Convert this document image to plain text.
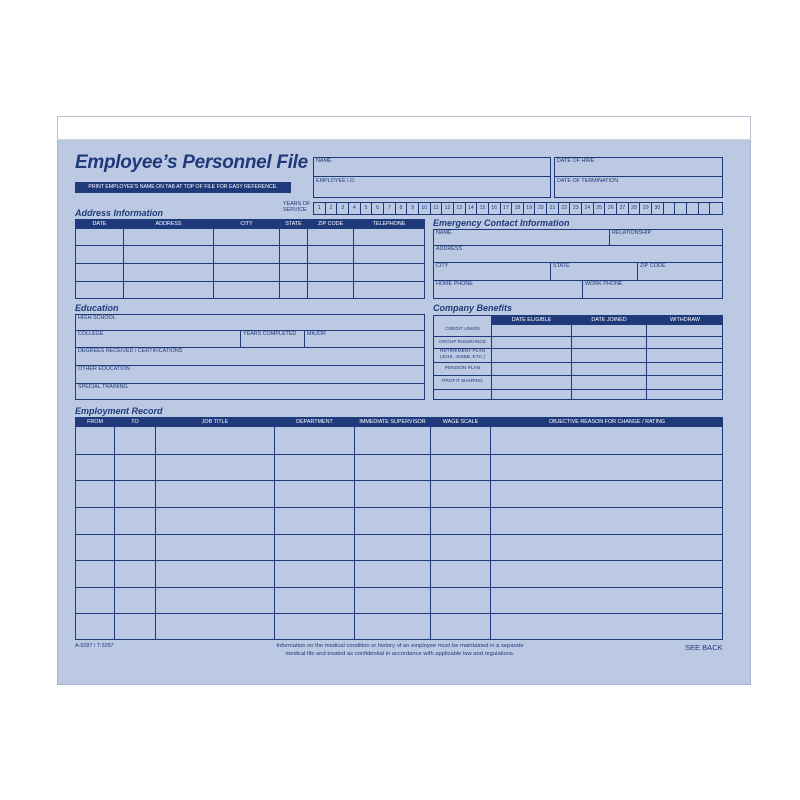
Employee’s Personnel File
PRINT EMPLOYEE'S NAME ON TAB AT TOP OF FILE FOR EASY REFERENCE.
NAME
EMPLOYEE I.D.
DATE OF HIRE
DATE OF TERMINATION
YEARS OF
SERVICE	1	2	3	4	5	6	7	8	9	10	11	12	13	14	15	16	17	18	19	20	21	22	23	24	25	26	27	28	29	30
Address Information
DATE	ADDRESS	CITY	STATE	ZIP CODE	TELEPHONE	Emergency Contact Information
NAME	RELATIONSHIP
ADDRESS
CITY	STATE	ZIP CODE
HOME PHONE	WORK PHONE
Education
HIGH SCHOOL
COLLEGE	YEARS COMPLETED MAJOR
DEGREES RECEIVED / CERTIFICATIONS
OTHER EDUCATION
SPECIAL TRAINING
Company Benefits
DATE ELIGIBLE	DATE JOINED	WITHDRAW
CREDIT UNION
GROUP INSURANCE
RETIREMENT PLAN
(401K, 403BB, ETC.)
PENSION PLAN
PROFIT SHARING
Employment Record
FROM	TO	JOB TITLE	DEPARTMENT	IMMEDIATE SUPERVISOR	WAGE SCALE	OBJECTIVE REASON FOR CHANGE / RATING
A-9287 / T-3287	Information on the medical condition or history of an employee must be maintained in a separate
medical file and treated as confidential in accordance with applicable law and regulations.
SEE BACK
